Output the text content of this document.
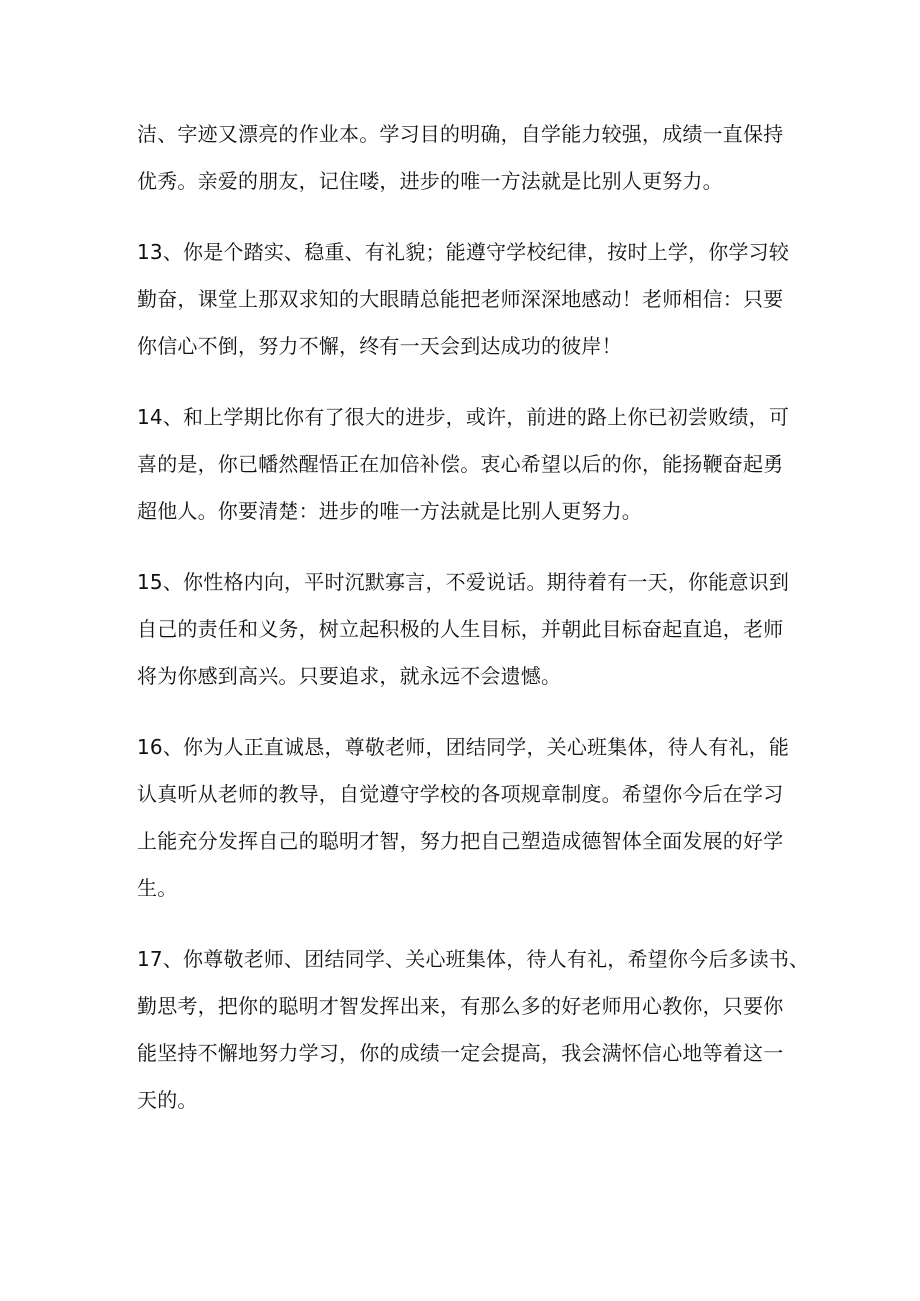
洁、字迹又漂亮的作业本。学习目的明确，自学能力较强，成绩一直保持
优秀。亲爱的朋友，记住喽，进步的唯一方法就是比别人更努力。

13、你是个踏实、稳重、有礼貌；能遵守学校纪律，按时上学，你学习较
勤奋，课堂上那双求知的大眼睛总能把老师深深地感动！老师相信：只要
你信心不倒，努力不懈，终有一天会到达成功的彼岸！

14、和上学期比你有了很大的进步，或许，前进的路上你已初尝败绩，可
喜的是，你已幡然醒悟正在加倍补偿。衷心希望以后的你，能扬鞭奋起勇
超他人。你要清楚：进步的唯一方法就是比别人更努力。

15、你性格内向，平时沉默寡言，不爱说话。期待着有一天，你能意识到
自己的责任和义务，树立起积极的人生目标，并朝此目标奋起直追，老师
将为你感到高兴。只要追求，就永远不会遗憾。

16、你为人正直诚恳，尊敬老师，团结同学，关心班集体，待人有礼，能
认真听从老师的教导，自觉遵守学校的各项规章制度。希望你今后在学习
上能充分发挥自己的聪明才智，努力把自己塑造成德智体全面发展的好学
生。

17、你尊敬老师、团结同学、关心班集体，待人有礼，希望你今后多读书、
勤思考，把你的聪明才智发挥出来，有那么多的好老师用心教你，只要你
能坚持不懈地努力学习，你的成绩一定会提高，我会满怀信心地等着这一
天的。
